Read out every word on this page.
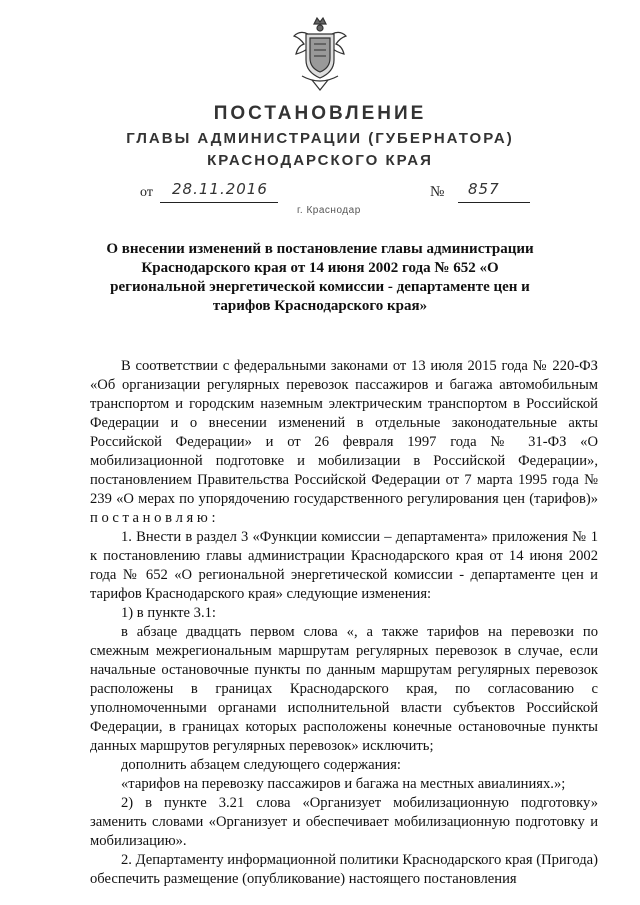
ПОСТАНОВЛЕНИЕ
ГЛАВЫ АДМИНИСТРАЦИИ (ГУБЕРНАТОРА)
КРАСНОДАРСКОГО КРАЯ
от 28.11.2016	№ 857
г. Краснодар
О внесении изменений в постановление главы администрации Краснодарского края от 14 июня 2002 года № 652 «О региональной энергетической комиссии - департаменте цен и тарифов Краснодарского края»

В соответствии с федеральными законами от 13 июля 2015 года № 220-ФЗ «Об организации регулярных перевозок пассажиров и багажа автомобильным транспортом и городским наземным электрическим транспортом в Российской Федерации и о внесении изменений в отдельные законодательные акты Российской Федерации» и от 26 февраля 1997 года № 31-ФЗ «О мобилизационной подготовке и мобилизации в Российской Федерации», постановлением Правительства Российской Федерации от 7 марта 1995 года № 239 «О мерах по упорядочению государственного регулирования цен (тарифов)» п о с т а н о в л я ю :

1. Внести в раздел 3 «Функции комиссии – департамента» приложения № 1 к постановлению главы администрации Краснодарского края от 14 июня 2002 года № 652 «О региональной энергетической комиссии - департаменте цен и тарифов Краснодарского края» следующие изменения:

1) в пункте 3.1:

в абзаце двадцать первом слова «, а также тарифов на перевозки по смежным межрегиональным маршрутам регулярных перевозок в случае, если начальные остановочные пункты по данным маршрутам регулярных перевозок расположены в границах Краснодарского края, по согласованию с уполномоченными органами исполнительной власти субъектов Российской Федерации, в границах которых расположены конечные остановочные пункты данных маршрутов регулярных перевозок» исключить;

дополнить абзацем следующего содержания:

«тарифов на перевозку пассажиров и багажа на местных авиалиниях.»;

2) в пункте 3.21 слова «Организует мобилизационную подготовку» заменить словами «Организует и обеспечивает мобилизационную подготовку и мобилизацию».

2. Департаменту информационной политики Краснодарского края (Пригода) обеспечить размещение (опубликование) настоящего постановления
